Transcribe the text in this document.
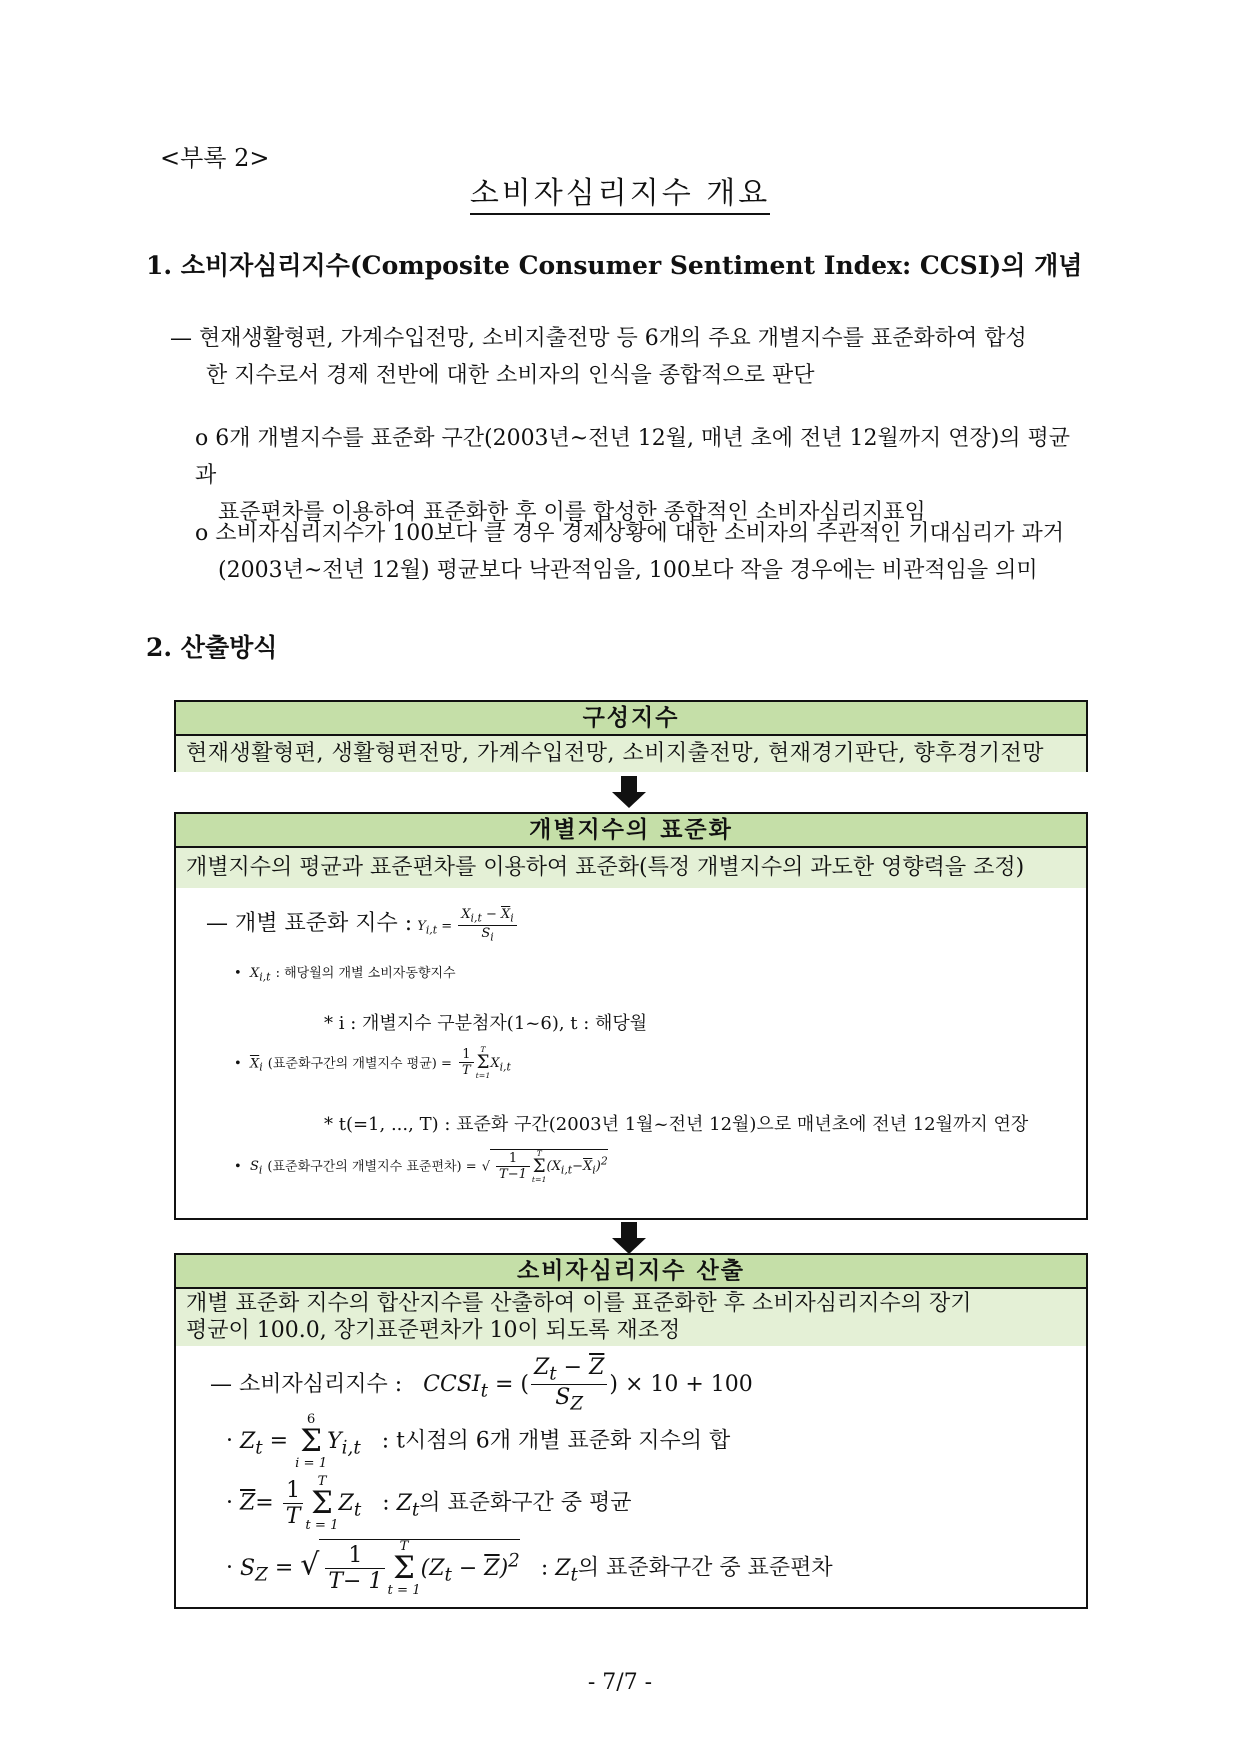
<부록 2>
소비자심리지수 개요
1. 소비자심리지수(Composite Consumer Sentiment Index: CCSI)의 개념
— 현재생활형편, 가계수입전망, 소비지출전망 등 6개의 주요 개별지수를 표준화하여 합성
한 지수로서 경제 전반에 대한 소비자의 인식을 종합적으로 판단
o 6개 개별지수를 표준화 구간(2003년~전년 12월, 매년 초에 전년 12월까지 연장)의 평균과
표준편차를 이용하여 표준화한 후 이를 합성한 종합적인 소비자심리지표임
o 소비자심리지수가 100보다 클 경우 경제상황에 대한 소비자의 주관적인 기대심리가 과거
(2003년~전년 12월) 평균보다 낙관적임을, 100보다 작을 경우에는 비관적임을 의미
2. 산출방식
구성지수
현재생활형편, 생활형편전망, 가계수입전망, 소비지출전망, 현재경기판단, 향후경기전망
개별지수의 표준화
개별지수의 평균과 표준편차를 이용하여 표준화(특정 개별지수의 과도한 영향력을 조정)
— 개별 표준화 지수 : $Y_{i,t} = \frac{X_{i,t} - \overline{X}_i}{S_i}$
•  $X_{i,t}$ : 해당월의 개별 소비자동향지수
* i : 개별지수 구분첨자(1~6), t : 해당월
•  $\overline{X}_i$ (표준화구간의 개별지수 평균) = $\frac{1}{T}$ T
Σ
t=1
$X_{i,t}$
* t(=1, ..., T) : 표준화 구간(2003년 1월~전년 12월)으로 매년초에 전년 12월까지 연장
•  $S_i$ (표준화구간의 개별지수 표준편차) = √ $\frac{1}{T-1}$ T
Σ
t=1
$(X_{i,t}-\overline{X}_i)^2$
소비자심리지수 산출
개별 표준화 지수의 합산지수를 산출하여 이를 표준화한 후 소비자심리지수의 장기
평균이 100.0, 장기표준편차가 10이 되도록 재조정
— 소비자심리지수 : $CCSI_t$ = ( $\frac{Z_t - \overline{Z}}{S_Z}$ ) × 10 + 100
· $Z_t$ =
6
Σ
i = 1
$Y_{i,t}$ : t시점의 6개 개별 표준화 지수의 합
· $\overline{Z}= \frac{1}{T}$	T
Σ
t = 1
$Z_t$   : $Z_t$의 표준화구간 중 평균
· $S_Z$ = √ $\frac{1}{T- 1}$	T
Σ
t = 1
$(Z_t - \overline{Z})^2$   : $Z_t$의 표준화구간 중 표준편차
- 7/7 -
